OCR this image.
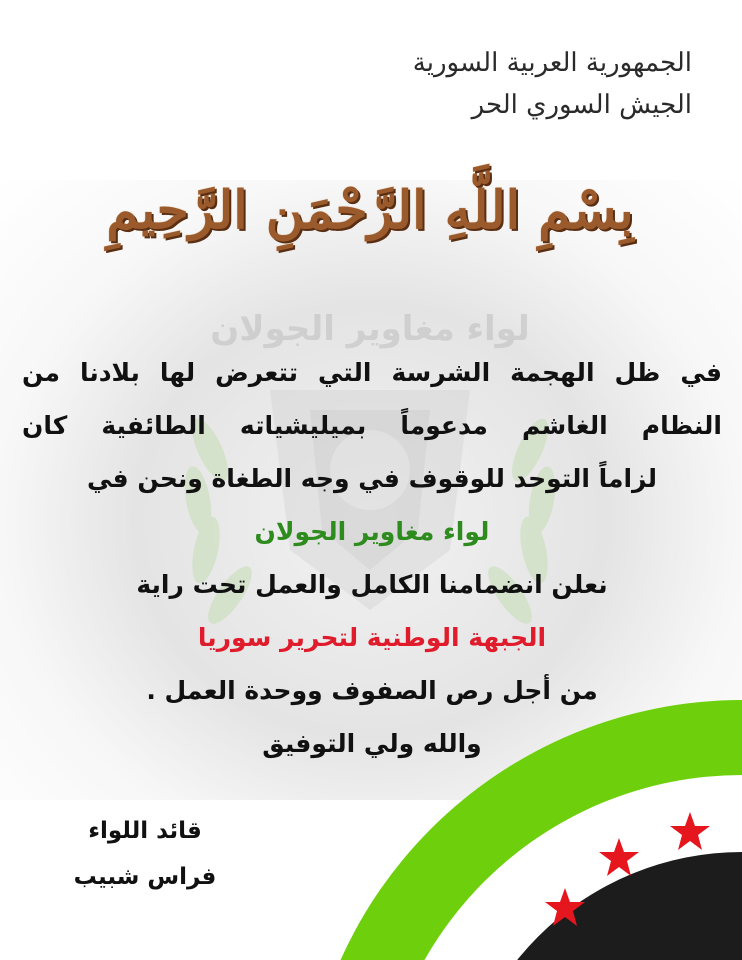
لواء مغاوير الجولان
الجمهورية العربية السورية
الجيش السوري الحر
بِسْمِ اللَّهِ الرَّحْمَنِ الرَّحِيمِ
في ظل الهجمة الشرسة التي تتعرض لها بلادنا من
النظام الغاشم مدعوماً بميليشياته الطائفية كان
لزاماً التوحد للوقوف في وجه الطغاة ونحن في
لواء مغاوير الجولان
نعلن انضمامنا الكامل والعمل تحت راية
الجبهة الوطنية لتحرير سوريا
من أجل رص الصفوف ووحدة العمل .
والله ولي التوفيق
قائد اللواء
فراس شبيب
